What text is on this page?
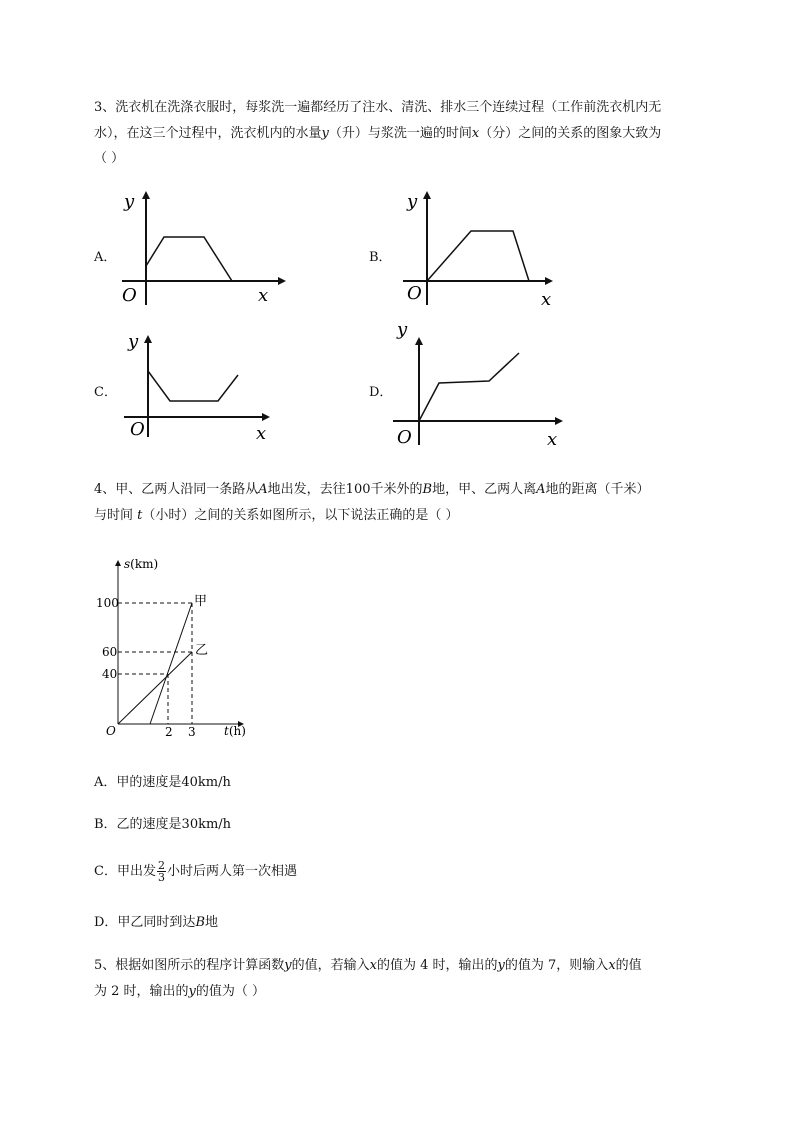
3、洗衣机在洗涤衣服时，每浆洗一遍都经历了注水、清洗、排水三个连续过程（工作前洗衣机内无
水），在这三个过程中，洗衣机内的水量y（升）与浆洗一遍的时间x（分）之间的关系的图象大致为
（ ）
A．
y
x
O
B．
y
x
O
C．
y
x
O
D．
y
x
O
4、甲、乙两人沿同一条路从A地出发，去往100千米外的B地，甲、乙两人离A地的距离（千米）
与时间 t（小时）之间的关系如图所示，以下说法正确的是（ ）
s(km)
t(h)
O
100
60
40
2 3
甲
乙
A．甲的速度是40km/h
B．乙的速度是30km/h
C．甲出发 $\frac{2}{3}$ 小时后两人第一次相遇
D．甲乙同时到达B地
5、根据如图所示的程序计算函数y的值，若输入x的值为 4 时，输出的y的值为 7，则输入x的值
为 2 时，输出的y的值为（ ）
